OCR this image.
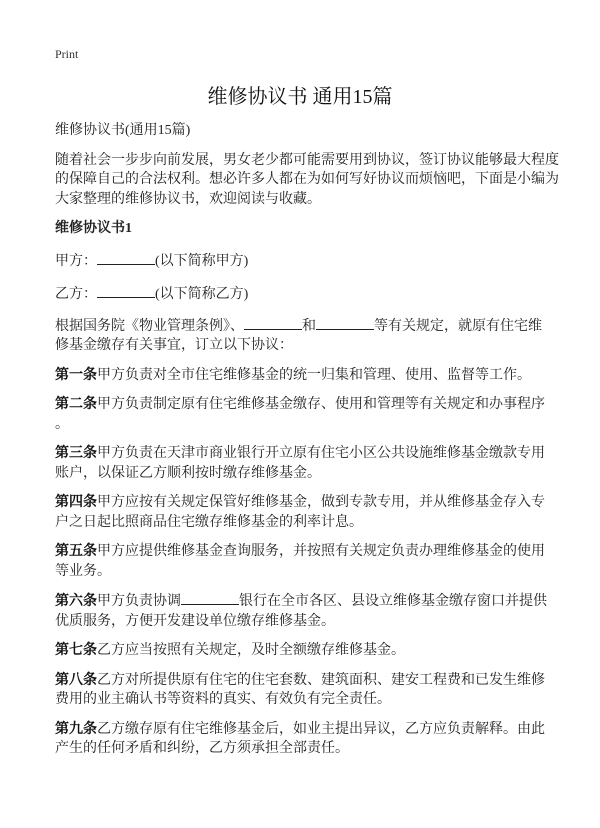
Print
维修协议书 通用15篇

维修协议书(通用15篇)

随着社会一步步向前发展，男女老少都可能需要用到协议，签订协议能够最大程度
的保障自己的合法权利。想必许多人都在为如何写好协议而烦恼吧，下面是小编为
大家整理的维修协议书，欢迎阅读与收藏。

维修协议书1

甲方：	(以下简称甲方)

乙方：	(以下简称乙方)

根据国务院《物业管理条例》、	和	等有关规定，就原有住宅维
修基金缴存有关事宜，订立以下协议：

第一条甲方负责对全市住宅维修基金的统一归集和管理、使用、监督等工作。

第二条甲方负责制定原有住宅维修基金缴存、使用和管理等有关规定和办事程序
。

第三条甲方负责在天津市商业银行开立原有住宅小区公共设施维修基金缴款专用
账户，以保证乙方顺利按时缴存维修基金。

第四条甲方应按有关规定保管好维修基金，做到专款专用，并从维修基金存入专
户之日起比照商品住宅缴存维修基金的利率计息。

第五条甲方应提供维修基金查询服务，并按照有关规定负责办理维修基金的使用
等业务。

第六条甲方负责协调	银行在全市各区、县设立维修基金缴存窗口并提供
优质服务，方便开发建设单位缴存维修基金。

第七条乙方应当按照有关规定，及时全额缴存维修基金。

第八条乙方对所提供原有住宅的住宅套数、建筑面积、建安工程费和已发生维修
费用的业主确认书等资料的真实、有效负有完全责任。

第九条乙方缴存原有住宅维修基金后，如业主提出异议，乙方应负责解释。由此
产生的任何矛盾和纠纷，乙方须承担全部责任。
